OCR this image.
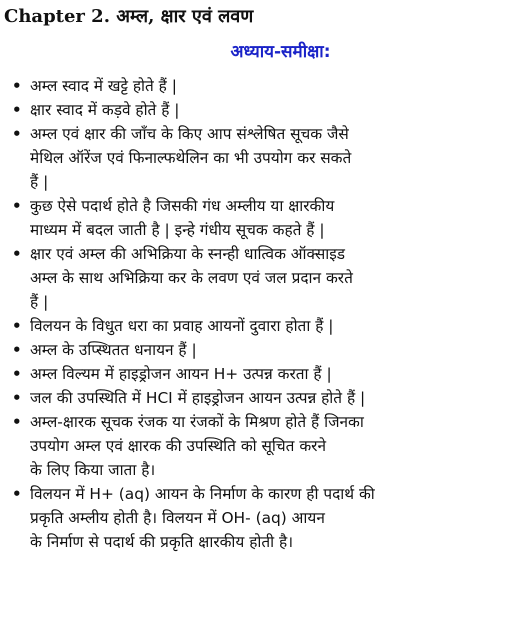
Chapter 2. अम्ल, क्षार एवं लवण
अध्याय-समीक्षा:
• अम्ल स्वाद में खट्टे होते हैं |
• क्षार स्वाद में कड़वे होते हैं |
• अम्ल एवं क्षार की जाँच के किए आप संश्लेषित सूचक जैसे
मेथिल ऑरेंज एवं फिनाल्फथेलिन का भी उपयोग कर सकते
हैं |
• कुछ ऐसे पदार्थ होते है जिसकी गंध अम्लीय या क्षारकीय
माध्यम में बदल जाती है | इन्हे गंधीय सूचक कहते हैं |
• क्षार एवं अम्ल की अभिक्रिया के स्नन्ही धात्विक ऑक्साइड
अम्ल के साथ अभिक्रिया कर के लवण एवं जल प्रदान करते
हैं |
• विलयन के विधुत धरा का प्रवाह आयनों दुवारा होता हैं |
• अम्ल के उप्स्थितत धनायन हैं |
• अम्ल विल्यम में हाइड्रोजन आयन H+ उत्पन्न करता हैं |
• जल की उपस्थिति में HCI में हाइड्रोजन आयन उत्पन्न होते हैं |
• अम्ल-क्षारक सूचक रंजक या रंजकों के मिश्रण होते हैं जिनका
उपयोग अम्ल एवं क्षारक की उपस्थिति को सूचित करने
के लिए किया जाता है।
• विलयन में H+ (aq) आयन के निर्माण के कारण ही पदार्थ की
प्रकृति अम्लीय होती है। विलयन में OH- (aq) आयन
के निर्माण से पदार्थ की प्रकृति क्षारकीय होती है।
